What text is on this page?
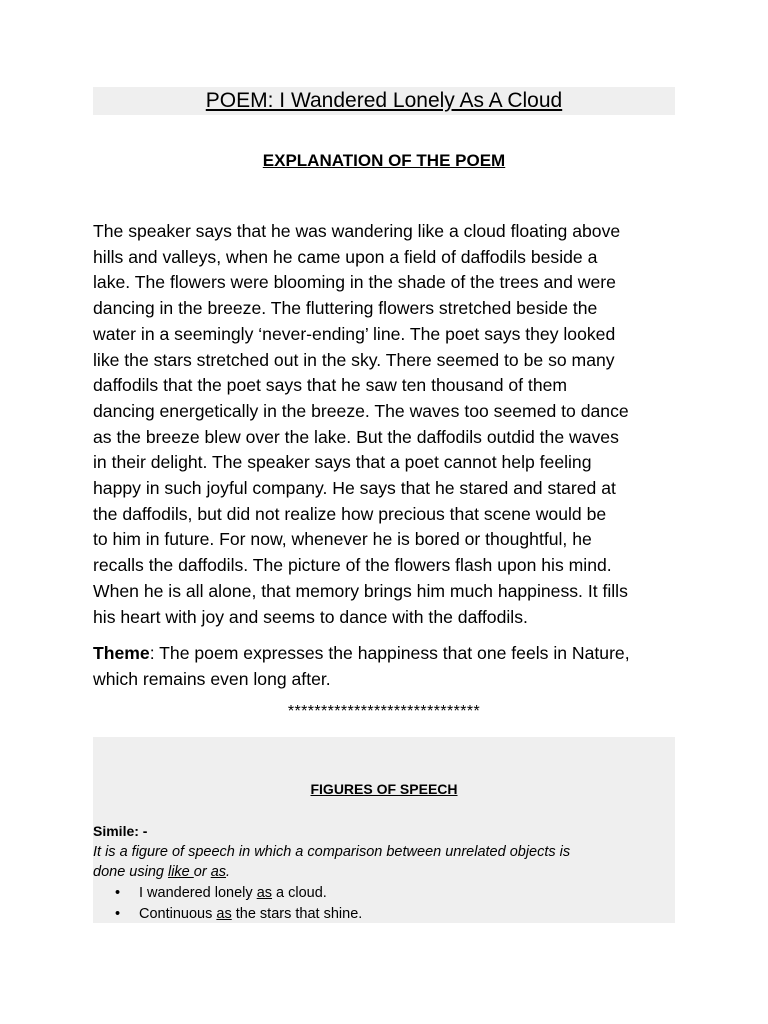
POEM: I Wandered Lonely As A Cloud
EXPLANATION OF THE POEM
The speaker says that he was wandering like a cloud floating above
hills and valleys, when he came upon a field of daffodils beside a
lake. The flowers were blooming in the shade of the trees and were
dancing in the breeze. The fluttering flowers stretched beside the
water in a seemingly ‘never-ending’ line. The poet says they looked
like the stars stretched out in the sky. There seemed to be so many
daffodils that the poet says that he saw ten thousand of them
dancing energetically in the breeze. The waves too seemed to dance
as the breeze blew over the lake. But the daffodils outdid the waves
in their delight. The speaker says that a poet cannot help feeling
happy in such joyful company. He says that he stared and stared at
the daffodils, but did not realize how precious that scene would be
to him in future. For now, whenever he is bored or thoughtful, he
recalls the daffodils. The picture of the flowers flash upon his mind.
When he is all alone, that memory brings him much happiness. It fills
his heart with joy and seems to dance with the daffodils.
Theme: The poem expresses the happiness that one feels in Nature,
which remains even long after.
*****************************
FIGURES OF SPEECH
Simile: -
It is a figure of speech in which a comparison between unrelated objects is
done using like or as.
• I wandered lonely as a cloud.
• Continuous as the stars that shine.
